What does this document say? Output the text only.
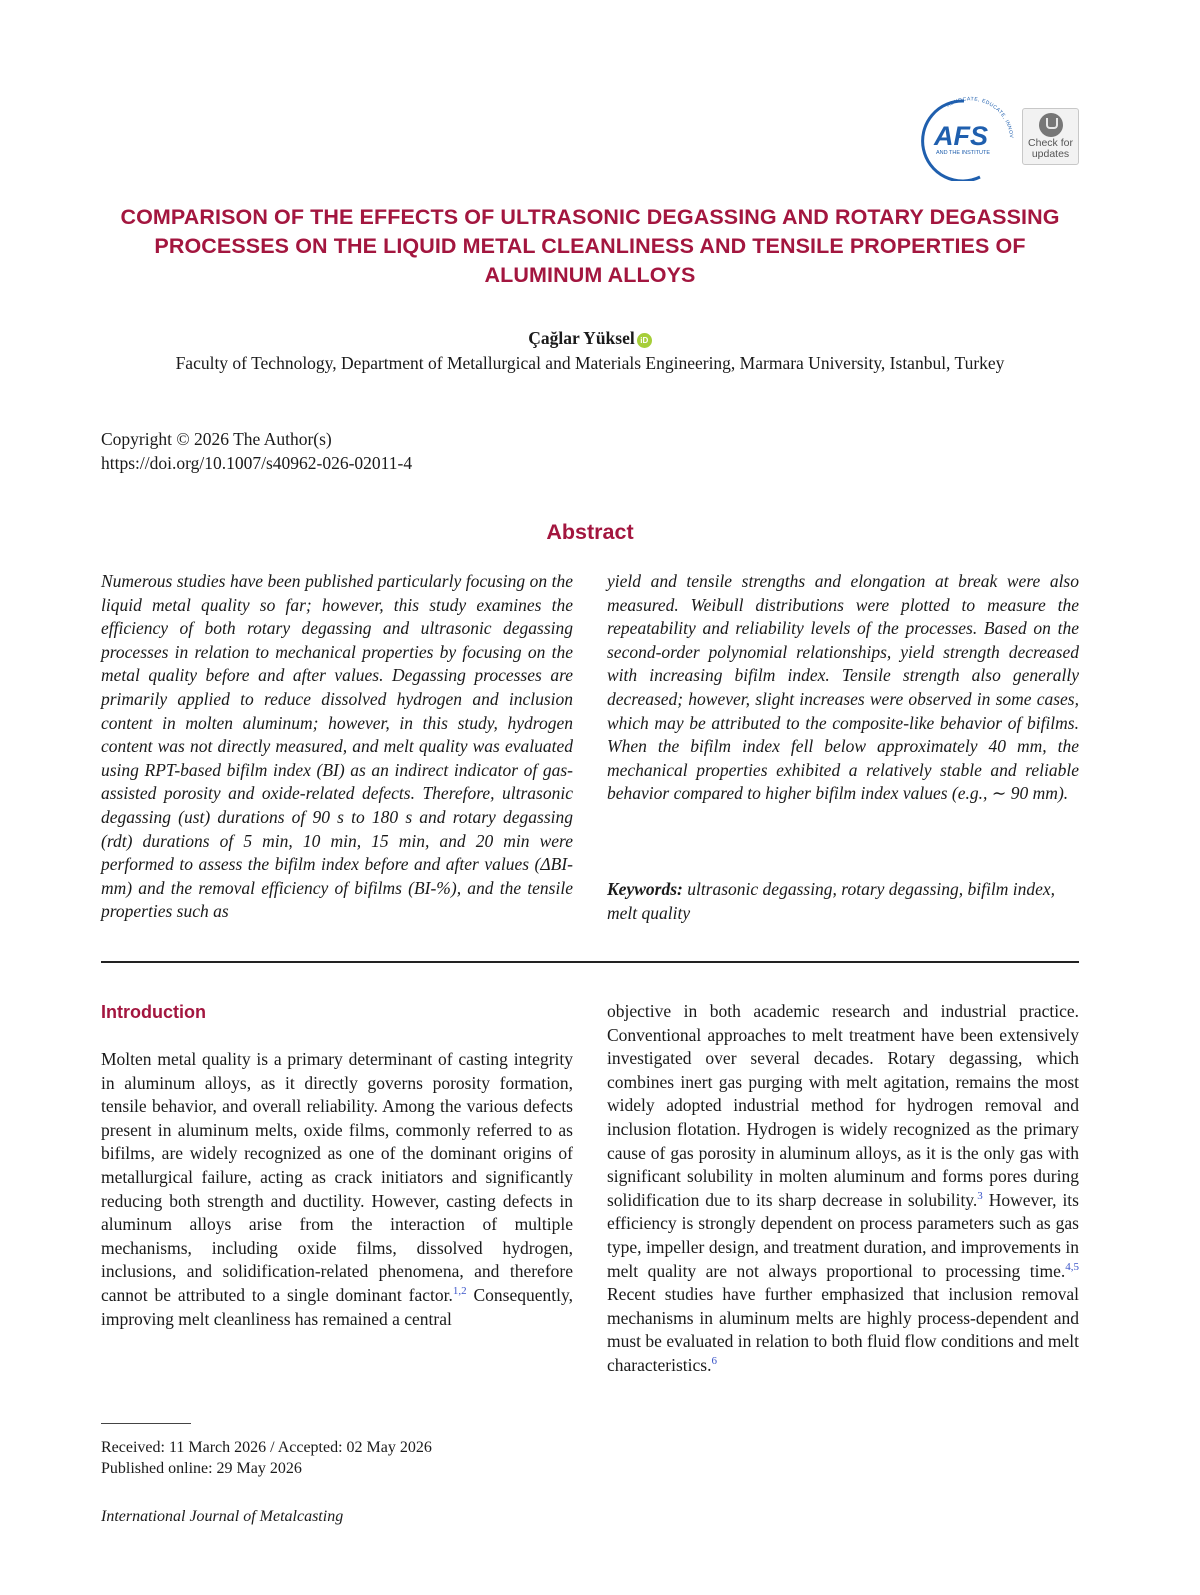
ADVOCATE, EDUCATE, INNOV
AFS
AND THE INSTITUTE
Check for
updates
COMPARISON OF THE EFFECTS OF ULTRASONIC DEGASSING AND ROTARY DEGASSING PROCESSES ON THE LIQUID METAL CLEANLINESS AND TENSILE PROPERTIES OF ALUMINUM ALLOYS
Çağlar Yüksel iD
Faculty of Technology, Department of Metallurgical and Materials Engineering, Marmara University, Istanbul, Turkey
Copyright © 2026 The Author(s)
https://doi.org/10.1007/s40962-026-02011-4
Abstract

Numerous studies have been published particularly focusing on the liquid metal quality so far; however, this study examines the efficiency of both rotary degassing and ultrasonic degassing processes in relation to mechanical properties by focusing on the metal quality before and after values. Degassing processes are primarily applied to reduce dissolved hydrogen and inclusion content in molten aluminum; however, in this study, hydrogen content was not directly measured, and melt quality was evaluated using RPT-based bifilm index (BI) as an indirect indicator of gas-assisted porosity and oxide-related defects. Therefore, ultrasonic degassing (ust) durations of 90 s to 180 s and rotary degassing (rdt) durations of 5 min, 10 min, 15 min, and 20 min were performed to assess the bifilm index before and after values (ΔBI-mm) and the removal efficiency of bifilms (BI-%), and the tensile properties such as

yield and tensile strengths and elongation at break were also measured. Weibull distributions were plotted to measure the repeatability and reliability levels of the processes. Based on the second-order polynomial relationships, yield strength decreased with increasing bifilm index. Tensile strength also generally decreased; however, slight increases were observed in some cases, which may be attributed to the composite-like behavior of bifilms. When the bifilm index fell below approximately 40 mm, the mechanical properties exhibited a relatively stable and reliable behavior compared to higher bifilm index values (e.g., ∼ 90 mm).

Keywords: ultrasonic degassing, rotary degassing, bifilm index, melt quality

Introduction

Molten metal quality is a primary determinant of casting integrity in aluminum alloys, as it directly governs porosity formation, tensile behavior, and overall reliability. Among the various defects present in aluminum melts, oxide films, commonly referred to as bifilms, are widely recognized as one of the dominant origins of metallurgical failure, acting as crack initiators and significantly reducing both strength and ductility. However, casting defects in aluminum alloys arise from the interaction of multiple mechanisms, including oxide films, dissolved hydrogen, inclusions, and solidification-related phenomena, and therefore cannot be attributed to a single dominant factor.$^{1,2}$ Consequently, improving melt cleanliness has remained a central

objective in both academic research and industrial practice. Conventional approaches to melt treatment have been extensively investigated over several decades. Rotary degassing, which combines inert gas purging with melt agitation, remains the most widely adopted industrial method for hydrogen removal and inclusion flotation. Hydrogen is widely recognized as the primary cause of gas porosity in aluminum alloys, as it is the only gas with significant solubility in molten aluminum and forms pores during solidification due to its sharp decrease in solubility.$^3$ However, its efficiency is strongly dependent on process parameters such as gas type, impeller design, and treatment duration, and improvements in melt quality are not always proportional to processing time.$^{4,5}$ Recent studies have further emphasized that inclusion removal mechanisms in aluminum melts are highly process-dependent and must be evaluated in relation to both fluid flow conditions and melt characteristics.$^6$

Received: 11 March 2026 / Accepted: 02 May 2026
Published online: 29 May 2026
International Journal of Metalcasting
